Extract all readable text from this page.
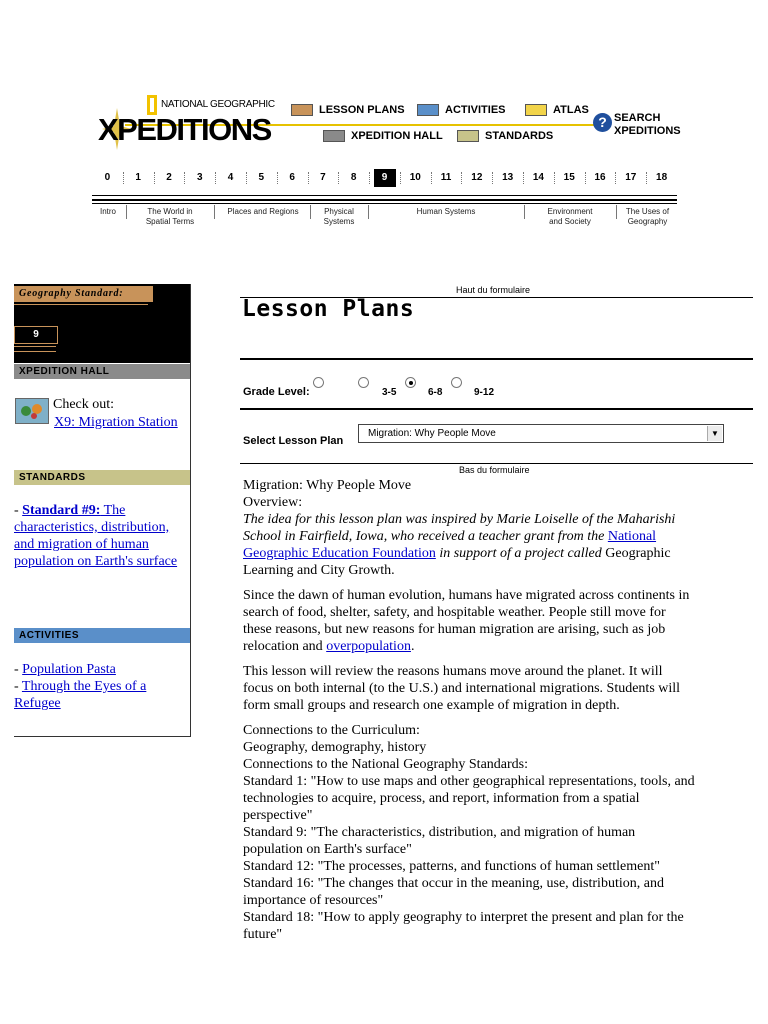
NATIONAL GEOGRAPHIC
XPEDITIONS
LESSON PLANS	ACTIVITIES	ATLAS
XPEDITION HALL	STANDARDS
? SEARCH
XPEDITIONS
0	1	2	3	4	5	6	7	8	9	10	11	12	13	14	15	16	17	18
Intro	The World in
Spatial Terms
Places and Regions	Physical
Systems
Human Systems	Environment
and Society
The Uses of
Geography
Geography Standard:
9
XPEDITION HALL
Check out:
X9: Migration Station
STANDARDS
- Standard #9: The characteristics, distribution, and migration of human population on Earth's surface
ACTIVITIES
- Population Pasta
- Through the Eyes of a Refugee
Haut du formulaire
Lesson Plans
Grade Level:	3-5	6-8	9-12
Select Lesson Plan
Migration: Why People Move	▼
Bas du formulaire

Migration: Why People Move

Overview:

The idea for this lesson plan was inspired by Marie Loiselle of the Maharishi School in Fairfield, Iowa, who received a teacher grant from the National Geographic Education Foundation in support of a project called Geographic Learning and City Growth.

Since the dawn of human evolution, humans have migrated across continents in search of food, shelter, safety, and hospitable weather. People still move for these reasons, but new reasons for human migration are arising, such as job relocation and overpopulation.

This lesson will review the reasons humans move around the planet. It will focus on both internal (to the U.S.) and international migrations. Students will form small groups and research one example of migration in depth.

Connections to the Curriculum:

Geography, demography, history

Connections to the National Geography Standards:

Standard 1: "How to use maps and other geographical representations, tools, and technologies to acquire, process, and report, information from a spatial perspective"

Standard 9: "The characteristics, distribution, and migration of human population on Earth's surface"

Standard 12: "The processes, patterns, and functions of human settlement"

Standard 16: "The changes that occur in the meaning, use, distribution, and importance of resources"

Standard 18: "How to apply geography to interpret the present and plan for the future"
